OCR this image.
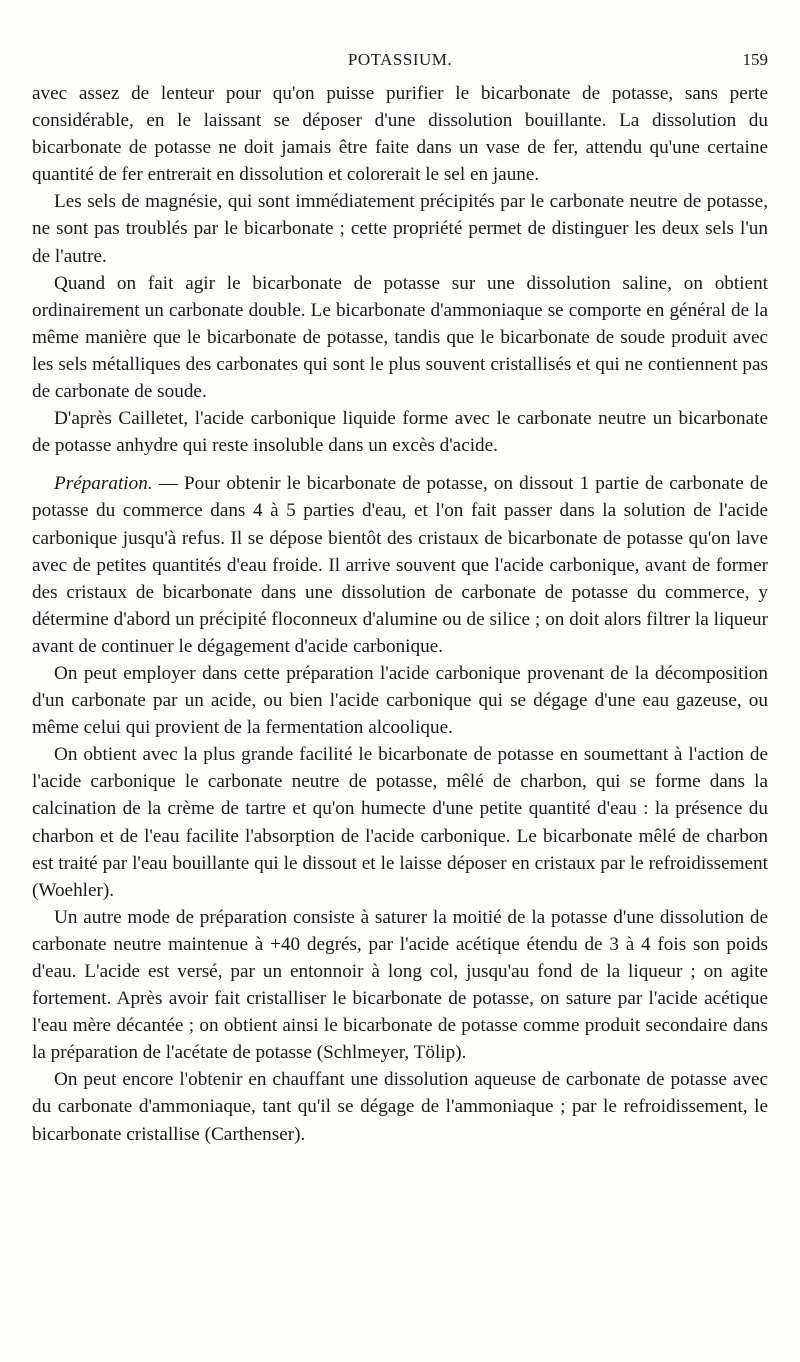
POTASSIUM.	159

avec assez de lenteur pour qu'on puisse purifier le bicarbonate de potasse, sans perte considérable, en le laissant se déposer d'une dissolution bouillante. La dissolution du bicarbonate de potasse ne doit jamais être faite dans un vase de fer, attendu qu'une certaine quantité de fer entrerait en dissolution et colorerait le sel en jaune.

Les sels de magnésie, qui sont immédiatement précipités par le carbonate neutre de potasse, ne sont pas troublés par le bicarbonate ; cette propriété permet de distinguer les deux sels l'un de l'autre.

Quand on fait agir le bicarbonate de potasse sur une dissolution saline, on obtient ordinairement un carbonate double. Le bicarbonate d'ammoniaque se comporte en général de la même manière que le bicarbonate de potasse, tandis que le bicarbonate de soude produit avec les sels métalliques des carbonates qui sont le plus souvent cristallisés et qui ne contiennent pas de carbonate de soude.

D'après Cailletet, l'acide carbonique liquide forme avec le carbonate neutre un bicarbonate de potasse anhydre qui reste insoluble dans un excès d'acide.

Préparation. — Pour obtenir le bicarbonate de potasse, on dissout 1 partie de carbonate de potasse du commerce dans 4 à 5 parties d'eau, et l'on fait passer dans la solution de l'acide carbonique jusqu'à refus. Il se dépose bientôt des cristaux de bicarbonate de potasse qu'on lave avec de petites quantités d'eau froide. Il arrive souvent que l'acide carbonique, avant de former des cristaux de bicarbonate dans une dissolution de carbonate de potasse du commerce, y détermine d'abord un précipité floconneux d'alumine ou de silice ; on doit alors filtrer la liqueur avant de continuer le dégagement d'acide carbonique.

On peut employer dans cette préparation l'acide carbonique provenant de la décomposition d'un carbonate par un acide, ou bien l'acide carbonique qui se dégage d'une eau gazeuse, ou même celui qui provient de la fermentation alcoolique.

On obtient avec la plus grande facilité le bicarbonate de potasse en soumettant à l'action de l'acide carbonique le carbonate neutre de potasse, mêlé de charbon, qui se forme dans la calcination de la crème de tartre et qu'on humecte d'une petite quantité d'eau : la présence du charbon et de l'eau facilite l'absorption de l'acide carbonique. Le bicarbonate mêlé de charbon est traité par l'eau bouillante qui le dissout et le laisse déposer en cristaux par le refroidissement (Woehler).

Un autre mode de préparation consiste à saturer la moitié de la potasse d'une dissolution de carbonate neutre maintenue à +40 degrés, par l'acide acétique étendu de 3 à 4 fois son poids d'eau. L'acide est versé, par un entonnoir à long col, jusqu'au fond de la liqueur ; on agite fortement. Après avoir fait cristalliser le bicarbonate de potasse, on sature par l'acide acétique l'eau mère décantée ; on obtient ainsi le bicarbonate de potasse comme produit secondaire dans la préparation de l'acétate de potasse (Schlmeyer, Tölip).

On peut encore l'obtenir en chauffant une dissolution aqueuse de carbonate de potasse avec du carbonate d'ammoniaque, tant qu'il se dégage de l'ammoniaque ; par le refroidissement, le bicarbonate cristallise (Carthenser).
